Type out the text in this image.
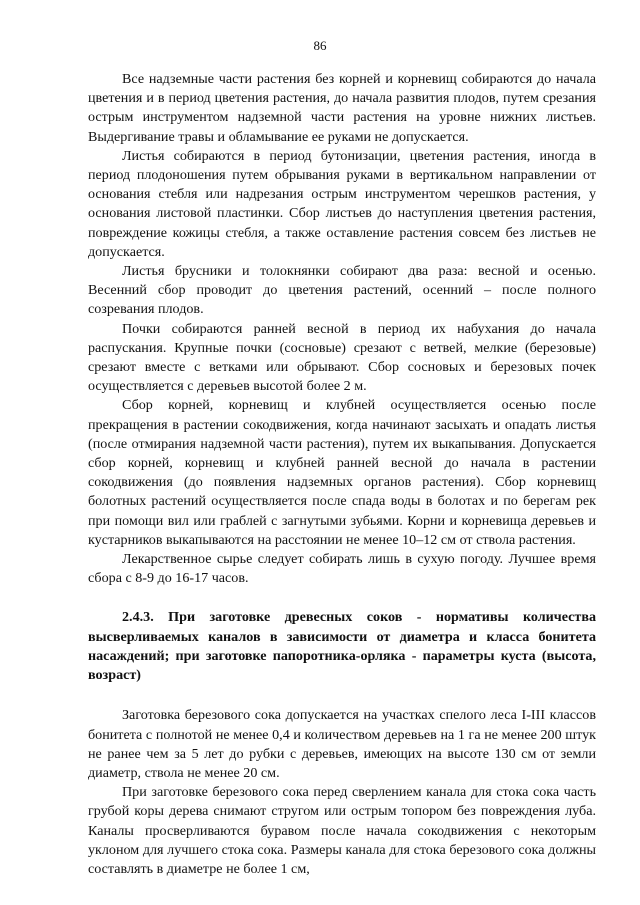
86

Все надземные части растения без корней и корневищ собираются до начала цветения и в период цветения растения, до начала развития плодов, путем срезания острым инструментом надземной части растения на уровне нижних листьев. Выдергивание травы и обламывание ее руками не допускается.

Листья собираются в период бутонизации, цветения растения, иногда в период плодоношения путем обрывания руками в вертикальном направлении от основания стебля или надрезания острым инструментом черешков растения, у основания листовой пластинки. Сбор листьев до наступления цветения растения, повреждение кожицы стебля, а также оставление растения совсем без листьев не допускается.

Листья брусники и толокнянки собирают два раза: весной и осенью. Весенний сбор проводит до цветения растений, осенний – после полного созревания плодов.

Почки собираются ранней весной в период их набухания до начала распускания. Крупные почки (сосновые) срезают с ветвей, мелкие (березовые) срезают вместе с ветками или обрывают. Сбор сосновых и березовых почек осуществляется с деревьев высотой более 2 м.

Сбор корней, корневищ и клубней осуществляется осенью после прекращения в растении сокодвижения, когда начинают засыхать и опадать листья (после отмирания надземной части растения), путем их выкапывания. Допускается сбор корней, корневищ и клубней ранней весной до начала в растении сокодвижения (до появления надземных органов растения). Сбор корневищ болотных растений осуществляется после спада воды в болотах и по берегам рек при помощи вил или граблей с загнутыми зубьями. Корни и корневища деревьев и кустарников выкапываются на расстоянии не менее 10–12 см от ствола растения.

Лекарственное сырье следует собирать лишь в сухую погоду. Лучшее время сбора с 8-9 до 16-17 часов.

2.4.3. При заготовке древесных соков - нормативы количества высверливаемых каналов в зависимости от диаметра и класса бонитета насаждений; при заготовке папоротника-орляка - параметры куста (высота, возраст)

Заготовка березового сока допускается на участках спелого леса I-III классов бонитета с полнотой не менее 0,4 и количеством деревьев на 1 га не менее 200 штук не ранее чем за 5 лет до рубки с деревьев, имеющих на высоте 130 см от земли диаметр, ствола не менее 20 см.

При заготовке березового сока перед сверлением канала для стока сока часть грубой коры дерева снимают стругом или острым топором без повреждения луба. Каналы просверливаются буравом после начала сокодвижения с некоторым уклоном для лучшего стока сока. Размеры канала для стока березового сока должны составлять в диаметре не более 1 см,
